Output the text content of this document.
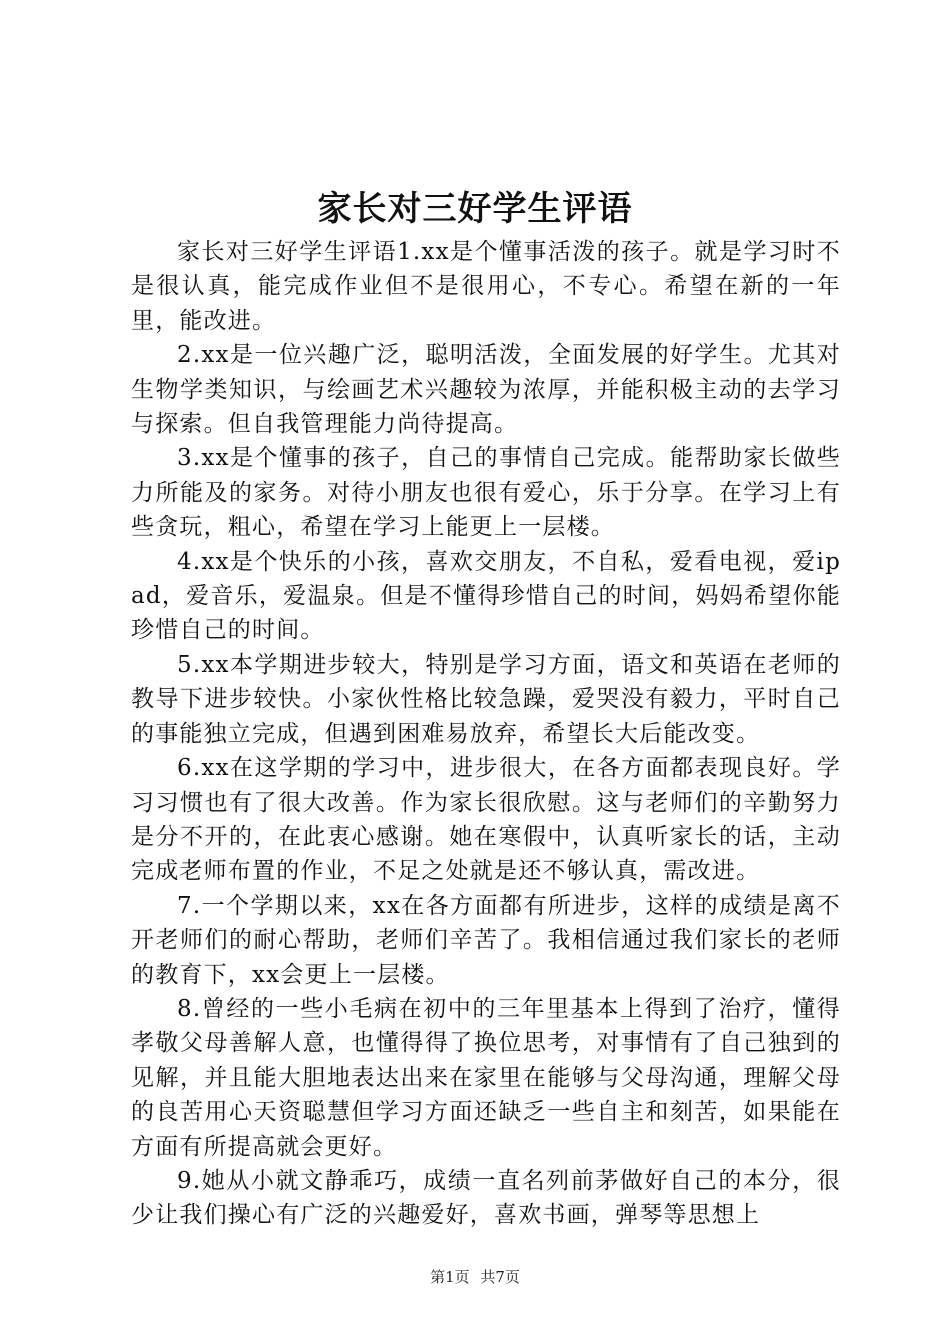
家长对三好学生评语

家长对三好学生评语1.xx是个懂事活泼的孩子。就是学习时不是很认真，能完成作业但不是很用心，不专心。希望在新的一年里，能改进。

2.xx是一位兴趣广泛，聪明活泼，全面发展的好学生。尤其对生物学类知识，与绘画艺术兴趣较为浓厚，并能积极主动的去学习与探索。但自我管理能力尚待提高。

3.xx是个懂事的孩子，自己的事情自己完成。能帮助家长做些力所能及的家务。对待小朋友也很有爱心，乐于分享。在学习上有些贪玩，粗心，希望在学习上能更上一层楼。

4.xx是个快乐的小孩，喜欢交朋友，不自私，爱看电视，爱ipad，爱音乐，爱温泉。但是不懂得珍惜自己的时间，妈妈希望你能珍惜自己的时间。

5.xx本学期进步较大，特别是学习方面，语文和英语在老师的教导下进步较快。小家伙性格比较急躁，爱哭没有毅力，平时自己的事能独立完成，但遇到困难易放弃，希望长大后能改变。

6.xx在这学期的学习中，进步很大，在各方面都表现良好。学习习惯也有了很大改善。作为家长很欣慰。这与老师们的辛勤努力是分不开的，在此衷心感谢。她在寒假中，认真听家长的话，主动完成老师布置的作业，不足之处就是还不够认真，需改进。

7.一个学期以来，xx在各方面都有所进步，这样的成绩是离不开老师们的耐心帮助，老师们辛苦了。我相信通过我们家长的老师的教育下，xx会更上一层楼。

8.曾经的一些小毛病在初中的三年里基本上得到了治疗，懂得孝敬父母善解人意，也懂得得了换位思考，对事情有了自己独到的见解，并且能大胆地表达出来在家里在能够与父母沟通，理解父母的良苦用心天资聪慧但学习方面还缺乏一些自主和刻苦，如果能在方面有所提高就会更好。

9.她从小就文静乖巧，成绩一直名列前茅做好自己的本分，很少让我们操心有广泛的兴趣爱好，喜欢书画，弹琴等思想上

第1页 共7页
